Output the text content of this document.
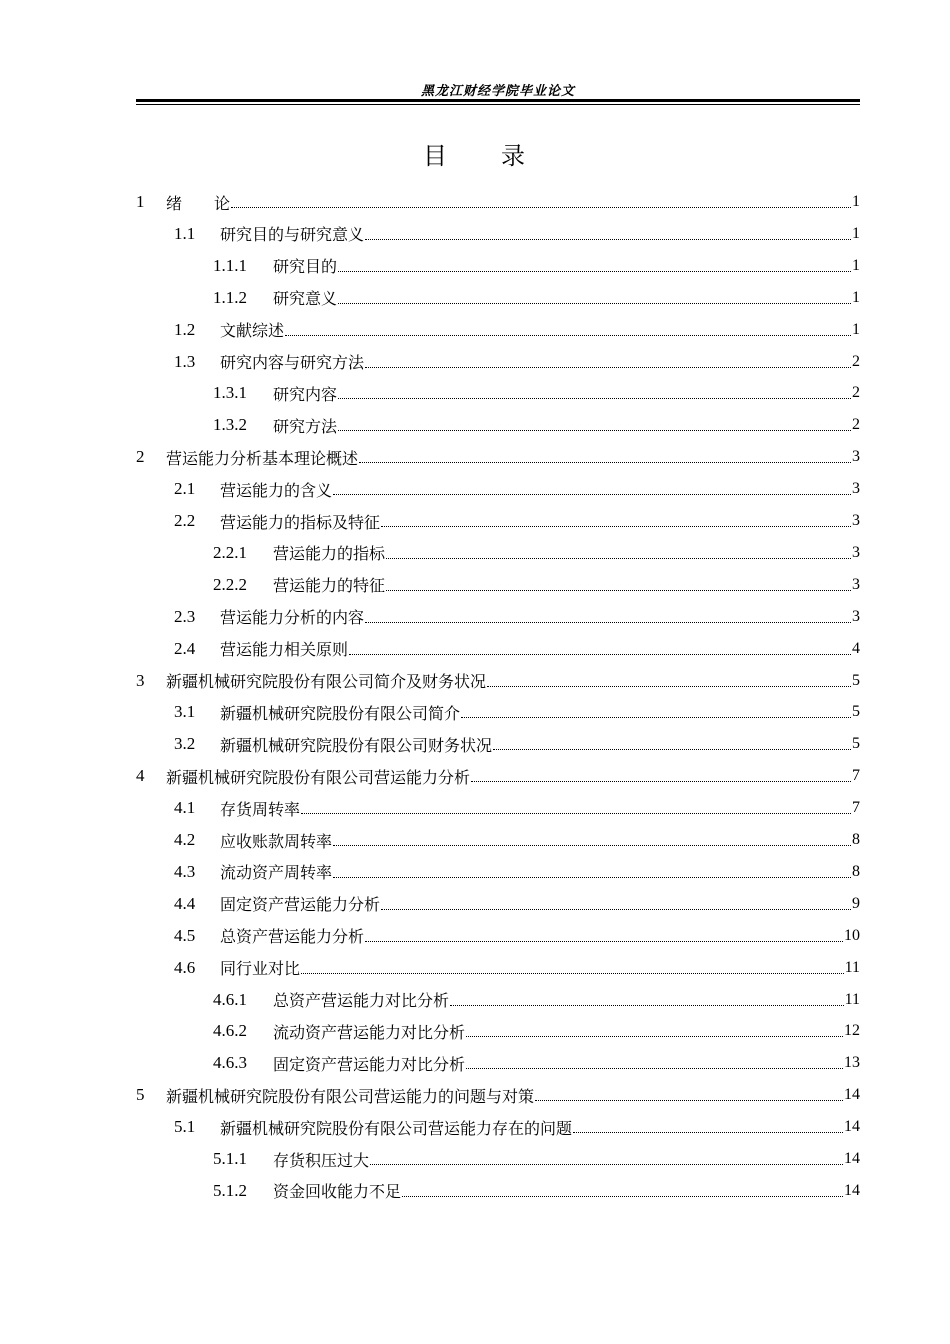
黑龙江财经学院毕业论文
目　　录
1	绪　　论	1
1.1	研究目的与研究意义	1
1.1.1	研究目的	1
1.1.2	研究意义	1
1.2	文献综述	1
1.3	研究内容与研究方法	2
1.3.1	研究内容	2
1.3.2	研究方法	2
2	营运能力分析基本理论概述	3
2.1	营运能力的含义	3
2.2	营运能力的指标及特征	3
2.2.1	营运能力的指标	3
2.2.2	营运能力的特征	3
2.3	营运能力分析的内容	3
2.4	营运能力相关原则	4
3	新疆机械研究院股份有限公司简介及财务状况	5
3.1	新疆机械研究院股份有限公司简介	5
3.2	新疆机械研究院股份有限公司财务状况	5
4	新疆机械研究院股份有限公司营运能力分析	7
4.1	存货周转率	7
4.2	应收账款周转率	8
4.3	流动资产周转率	8
4.4	固定资产营运能力分析	9
4.5	总资产营运能力分析	10
4.6	同行业对比	11
4.6.1	总资产营运能力对比分析	11
4.6.2	流动资产营运能力对比分析	12
4.6.3	固定资产营运能力对比分析	13
5	新疆机械研究院股份有限公司营运能力的问题与对策	14
5.1	新疆机械研究院股份有限公司营运能力存在的问题	14
5.1.1	存货积压过大	14
5.1.2	资金回收能力不足	14
